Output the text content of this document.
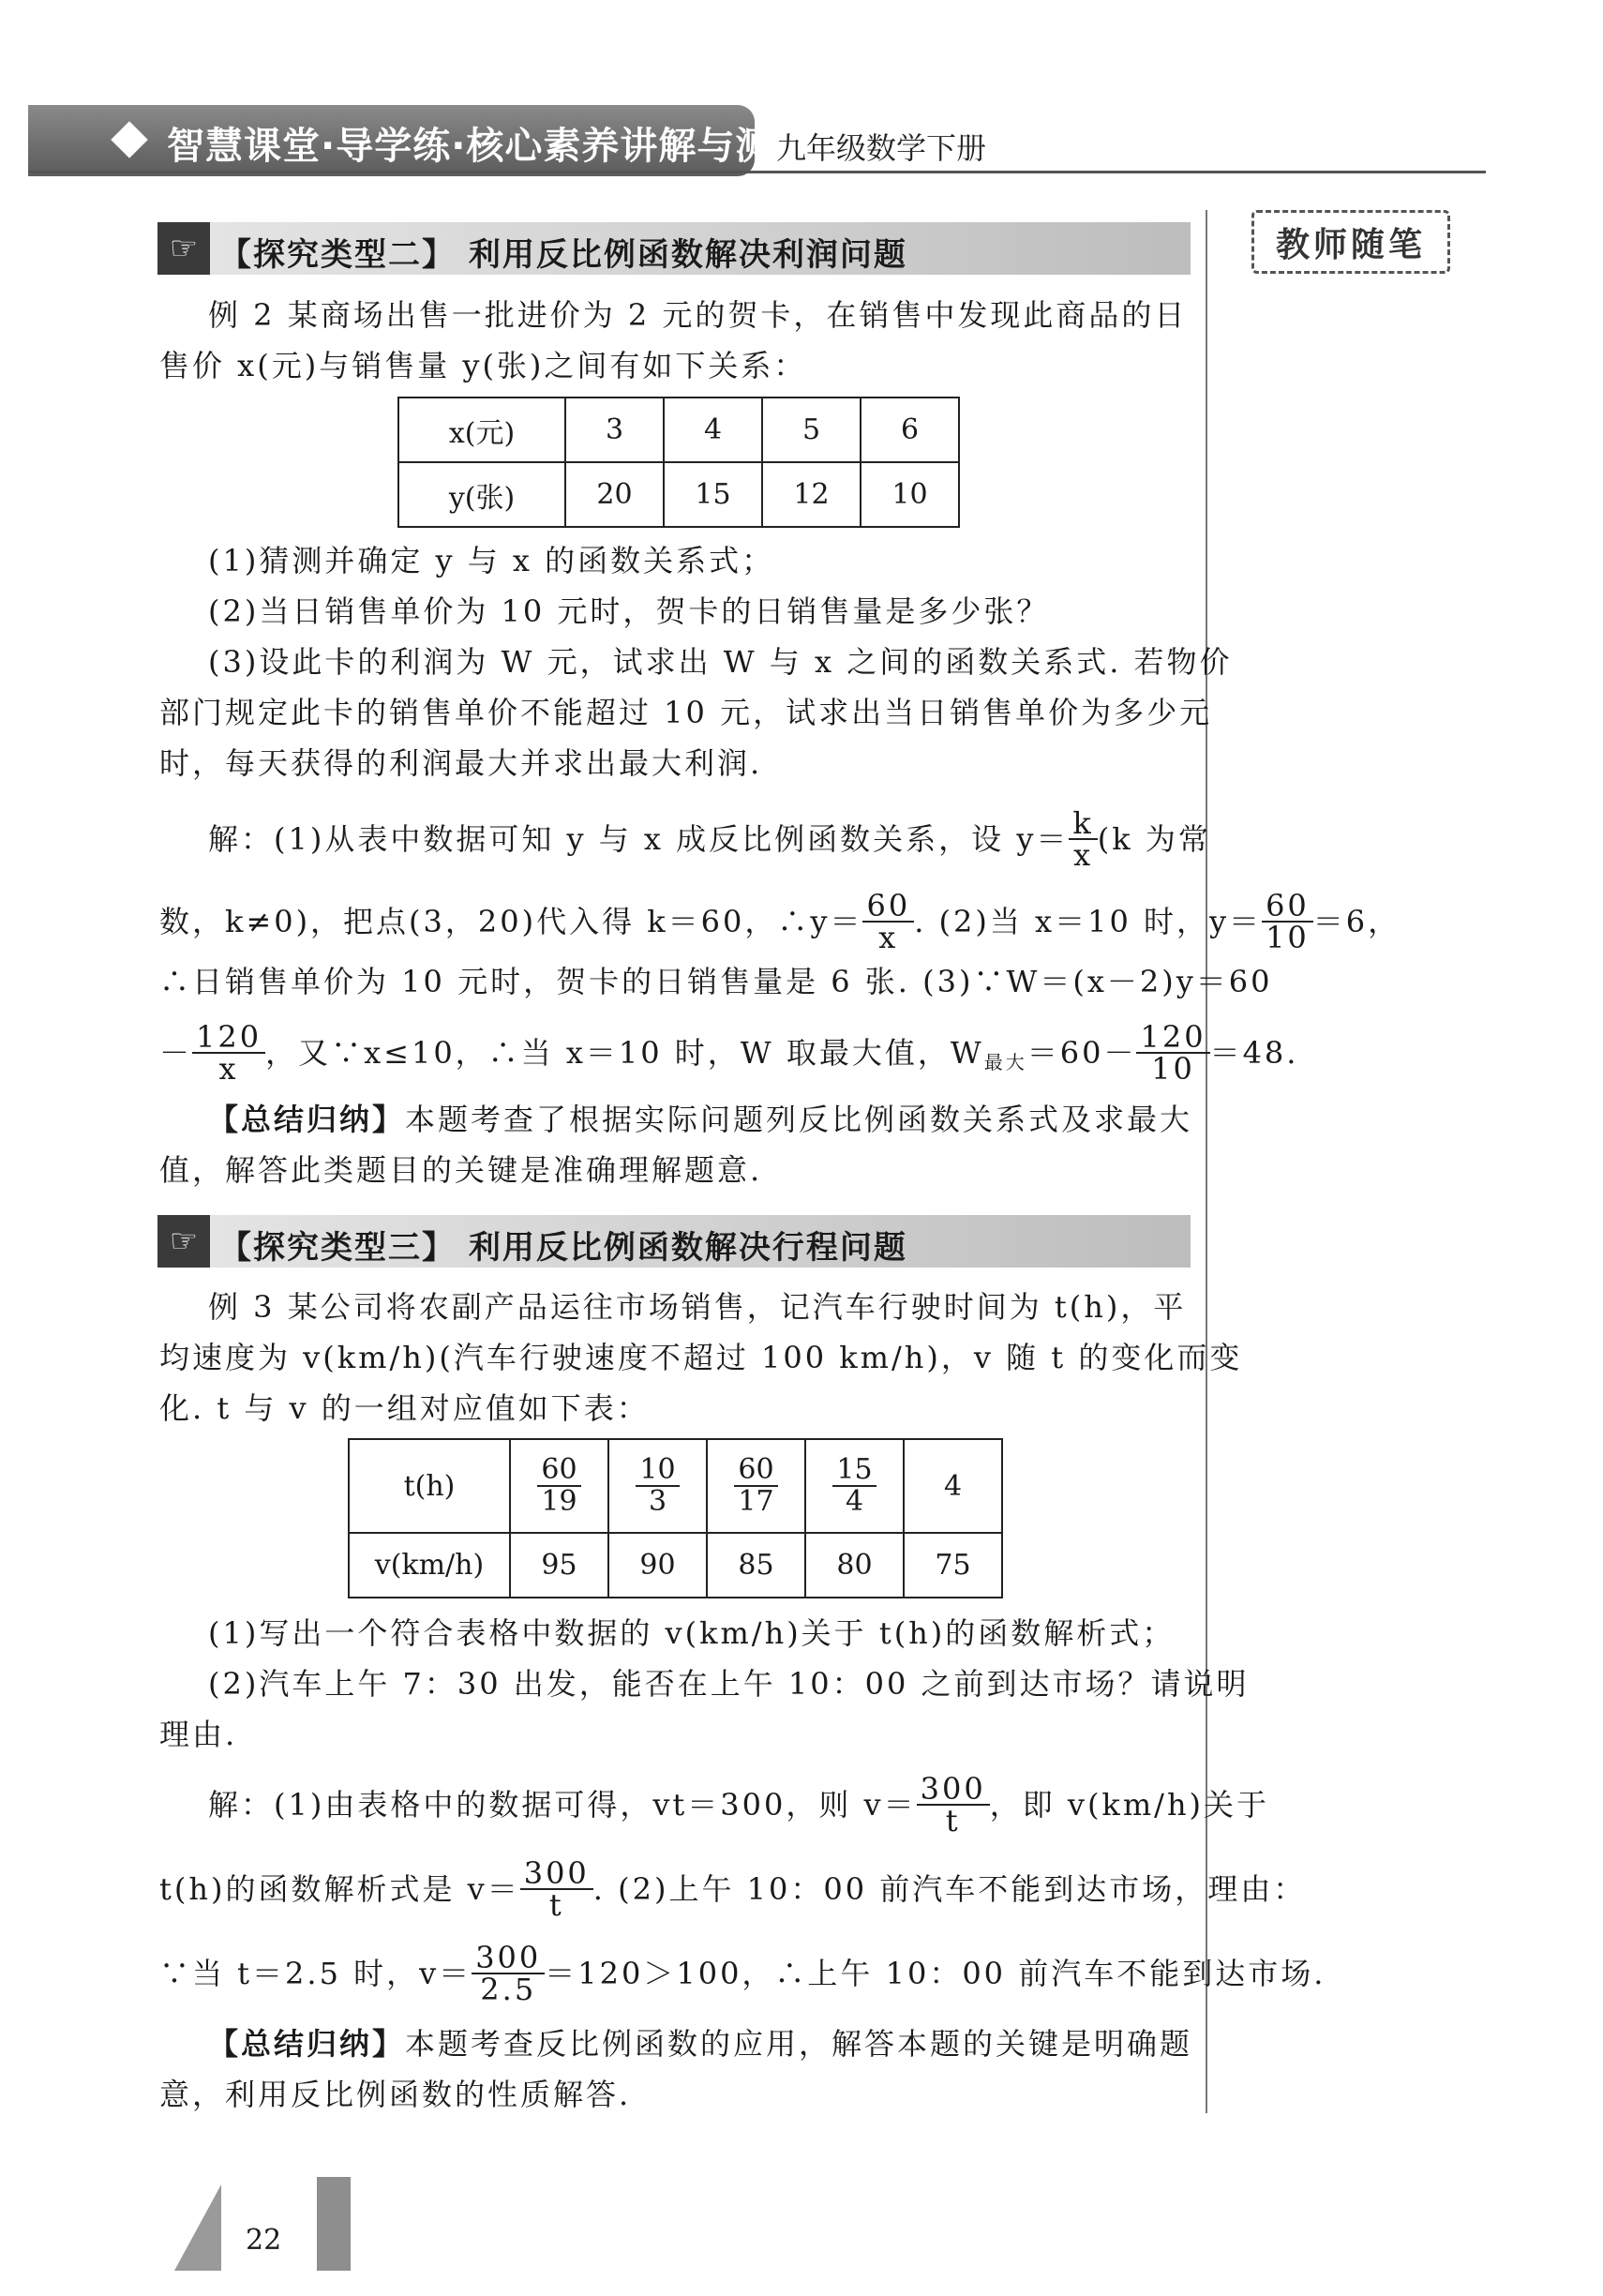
智慧课堂·导学练·核心素养讲解与测试
九年级数学下册
教师随笔
☞ 【探究类型二】 利用反比例函数解决利润问题
例 2 某商场出售一批进价为 2 元的贺卡，在销售中发现此商品的日
售价 x(元)与销售量 y(张)之间有如下关系：
x(元)	3	4	5	6
y(张)	20	15	12	10
(1)猜测并确定 y 与 x 的函数关系式；
(2)当日销售单价为 10 元时，贺卡的日销售量是多少张？
(3)设此卡的利润为 W 元，试求出 W 与 x 之间的函数关系式. 若物价
部门规定此卡的销售单价不能超过 10 元，试求出当日销售单价为多少元
时，每天获得的利润最大并求出最大利润.
解：(1)从表中数据可知 y 与 x 成反比例函数关系，设 $y= \frac{k}{x} (k$ 为常
数，k≠0)，把点(3，20)代入得 k＝60，∴y＝ $\frac{60}{x}$ . (2)当 x＝10 时，$y= \frac{60}{10} =6$，
∴日销售单价为 10 元时，贺卡的日销售量是 6 张. (3)∵W＝(x－2)y＝60
－ $\frac{120}{x}$ ，又∵x≤10，∴当 x＝10 时，W 取最大值，W 最大 $=60- \frac{120}{10} =48$.
【总结归纳】本题考查了根据实际问题列反比例函数关系式及求最大
值，解答此类题目的关键是准确理解题意.
☞ 【探究类型三】 利用反比例函数解决行程问题
例 3 某公司将农副产品运往市场销售，记汽车行驶时间为 t(h)，平
均速度为 v(km/h)(汽车行驶速度不超过 100 km/h)，v 随 t 的变化而变
化. t 与 v 的一组对应值如下表：
t(h)	$\frac{60}{19}$	$\frac{10}{3}$	$\frac{60}{17}$	$\frac{15}{4}$	4
v(km/h)	95	90	85	80	75
(1)写出一个符合表格中数据的 v(km/h)关于 t(h)的函数解析式；
(2)汽车上午 7：30 出发，能否在上午 10：00 之前到达市场？请说明
理由.
解：(1)由表格中的数据可得，vt＝300，则 $v= \frac{300}{t}$ ，即 v(km/h)关于
t(h)的函数解析式是 $v= \frac{300}{t}$ . (2)上午 10：00 前汽车不能到达市场，理由：
∵当 t＝2.5 时，$v= \frac{300}{2.5} =120>100$，∴上午 10：00 前汽车不能到达市场.
【总结归纳】本题考查反比例函数的应用，解答本题的关键是明确题
意，利用反比例函数的性质解答.
22
